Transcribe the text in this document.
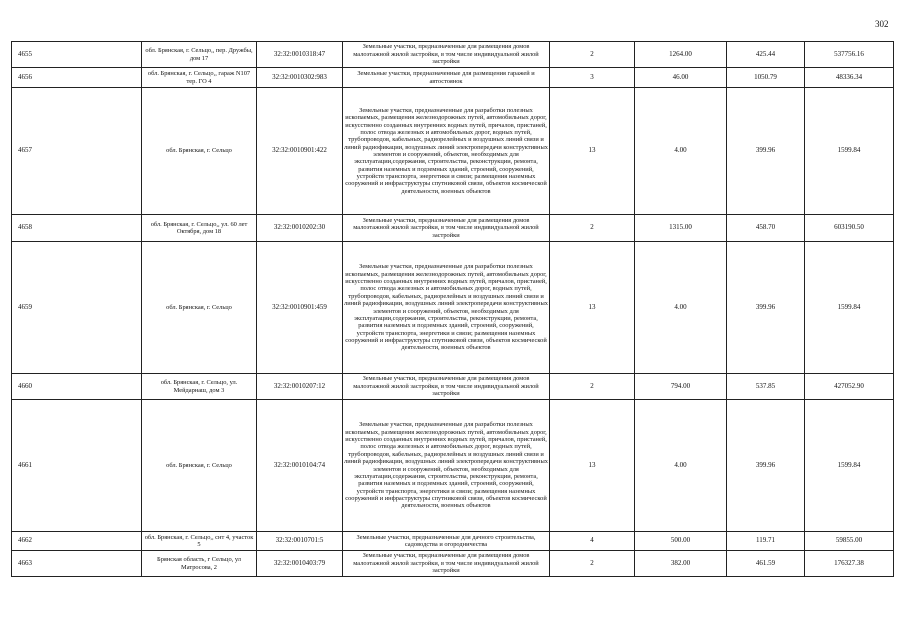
302
4655	обл. Брянская, г. Сельцо,, пер. Дружбы, дом 17	32:32:0010318:47	Земельные участки, предназначенные для размещения домов малоэтажной жилой застройки, в том числе индивидуальной жилой застройки	2	1264.00	425.44	537756.16
4656	обл. Брянская, г. Сельцо,, гараж N107 тер. ГО 4	32:32:0010302:983	Земельные участки, предназначенные для размещения гаражей и автостоянок	3	46.00	1050.79	48336.34
4657	обл. Брянская, г. Сельцо	32:32:0010901:422	Земельные участки, предназначенные для разработки полезных ископаемых, размещения железнодорожных путей, автомобильных дорог, искусственно созданных внутренних водных путей, причалов, пристаней, полос отвода железных и автомобильных дорог, водных путей, трубопроводов, кабельных, радиорелейных и воздушных линий связи и линий радиофикации, воздушных линий электропередачи конструктивных элементов и сооружений, объектов, необходимых для эксплуатации,содержания, строительства, реконструкции, ремонта, развития наземных и подземных зданий, строений, сооружений, устройств транспорта, энергетики и связи; размещения наземных сооружений и инфраструктуры спутниковой связи, объектов космической деятельности, военных объектов	13	4.00	399.96	1599.84
4658	обл. Брянская, г. Сельцо,, ул. 60 лет Октября, дом 18	32:32:0010202:30	Земельные участки, предназначенные для размещения домов малоэтажной жилой застройки, в том числе индивидуальной жилой застройки	2	1315.00	458.70	603190.50
4659	обл. Брянская, г. Сельцо	32:32:0010901:459	Земельные участки, предназначенные для разработки полезных ископаемых, размещения железнодорожных путей, автомобильных дорог, искусственно созданных внутренних водных путей, причалов, пристаней, полос отвода железных и автомобильных дорог, водных путей, трубопроводов, кабельных, радиорелейных и воздушных линий связи и линий радиофикации, воздушных линий электропередачи конструктивных элементов и сооружений, объектов, необходимых для эксплуатации,содержания, строительства, реконструкции, ремонта, развития наземных и подземных зданий, строений, сооружений, устройств транспорта, энергетики и связи; размещения наземных сооружений и инфраструктуры спутниковой связи, объектов космической деятельности, военных объектов	13	4.00	399.96	1599.84
4660	обл. Брянская, г. Сельцо, ул. Мейдарнаш, дом 3	32:32:0010207:12	Земельные участки, предназначенные для размещения домов малоэтажной жилой застройки, в том числе индивидуальной жилой застройки	2	794.00	537.85	427052.90
4661	обл. Брянская, г. Сельцо	32:32:0010104:74	Земельные участки, предназначенные для разработки полезных ископаемых, размещения железнодорожных путей, автомобильных дорог, искусственно созданных внутренних водных путей, причалов, пристаней, полос отвода железных и автомобильных дорог, водных путей, трубопроводов, кабельных, радиорелейных и воздушных линий связи и линий радиофикации, воздушных линий электропередачи конструктивных элементов и сооружений, объектов, необходимых для эксплуатации,содержания, строительства, реконструкции, ремонта, развития наземных и подземных зданий, строений, сооружений, устройств транспорта, энергетики и связи; размещения наземных сооружений и инфраструктуры спутниковой связи, объектов космической деятельности, военных объектов	13	4.00	399.96	1599.84
4662	обл. Брянская, г. Сельцо,, снт 4, участок 5	32:32:0010701:5	Земельные участки, предназначенные для дачного строительства, садоводства и огородничества	4	500.00	119.71	59855.00
4663	Брянская область, г Сельцо, ул Матросова, 2	32:32:0010403:79	Земельные участки, предназначенные для размещения домов малоэтажной жилой застройки, в том числе индивидуальной жилой застройки	2	382.00	461.59	176327.38
